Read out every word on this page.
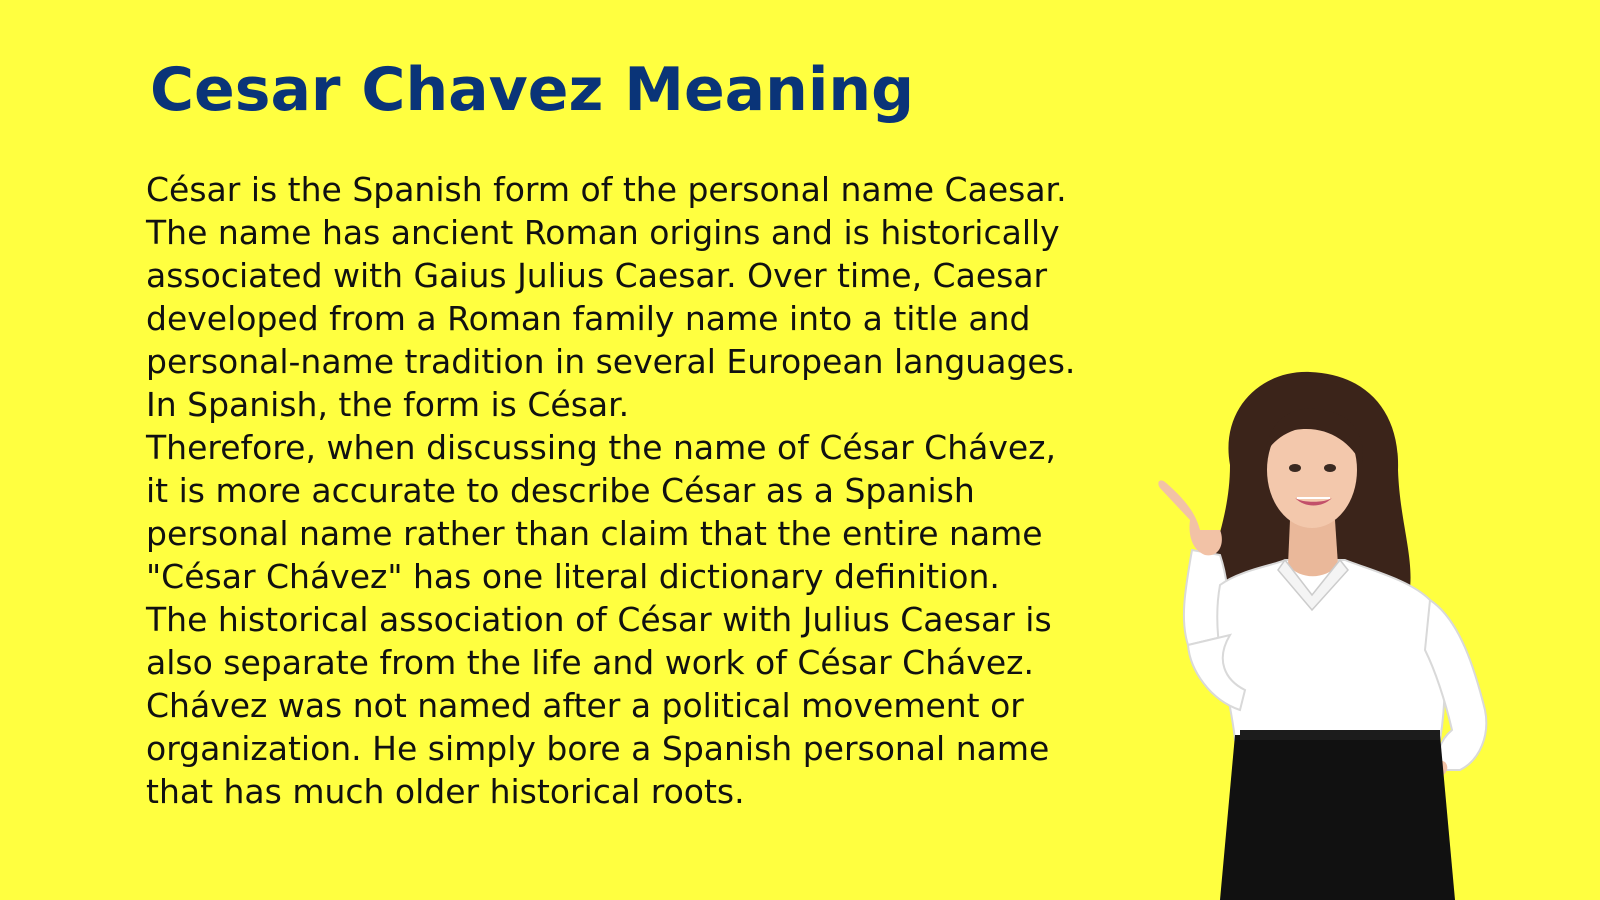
Cesar Chavez Meaning

César is the Spanish form of the personal name Caesar.

The name has ancient Roman origins and is historically

associated with Gaius Julius Caesar. Over time, Caesar

developed from a Roman family name into a title and

personal-name tradition in several European languages.

In Spanish, the form is César.

Therefore, when discussing the name of César Chávez,

it is more accurate to describe César as a Spanish

personal name rather than claim that the entire name

"César Chávez" has one literal dictionary definition.

The historical association of César with Julius Caesar is

also separate from the life and work of César Chávez.

Chávez was not named after a political movement or

organization. He simply bore a Spanish personal name

that has much older historical roots.
